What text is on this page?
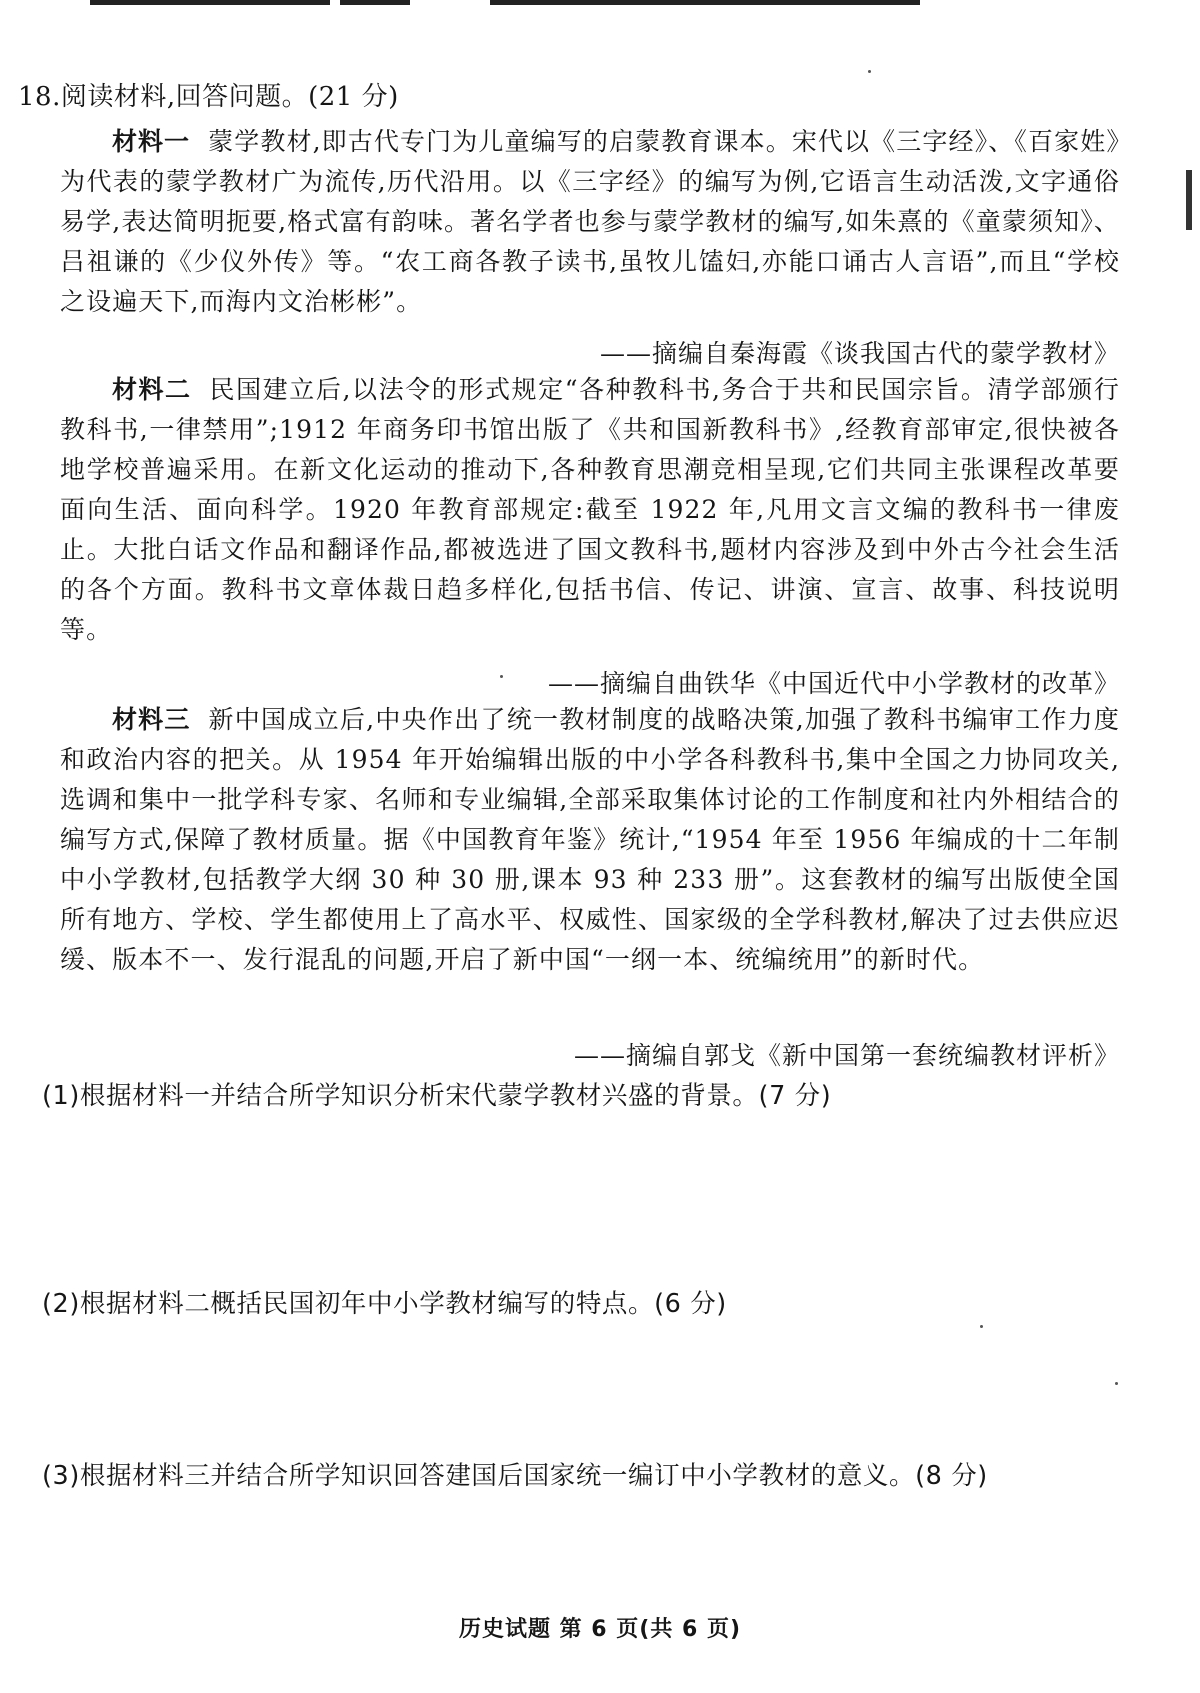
18.阅读材料,回答问题。(21 分)

材料一 蒙学教材,即古代专门为儿童编写的启蒙教育课本。宋代以《三字经》、《百家姓》为代表的蒙学教材广为流传,历代沿用。以《三字经》的编写为例,它语言生动活泼,文字通俗易学,表达简明扼要,格式富有韵味。著名学者也参与蒙学教材的编写,如朱熹的《童蒙须知》、吕祖谦的《少仪外传》等。“农工商各教子读书,虽牧儿馌妇,亦能口诵古人言语”,而且“学校之设遍天下,而海内文治彬彬”。

——摘编自秦海霞《谈我国古代的蒙学教材》

材料二 民国建立后,以法令的形式规定“各种教科书,务合于共和民国宗旨。清学部颁行教科书,一律禁用”;1912 年商务印书馆出版了《共和国新教科书》,经教育部审定,很快被各地学校普遍采用。在新文化运动的推动下,各种教育思潮竞相呈现,它们共同主张课程改革要面向生活、面向科学。1920 年教育部规定:截至 1922 年,凡用文言文编的教科书一律废止。大批白话文作品和翻译作品,都被选进了国文教科书,题材内容涉及到中外古今社会生活的各个方面。教科书文章体裁日趋多样化,包括书信、传记、讲演、宣言、故事、科技说明等。

——摘编自曲铁华《中国近代中小学教材的改革》

材料三 新中国成立后,中央作出了统一教材制度的战略决策,加强了教科书编审工作力度和政治内容的把关。从 1954 年开始编辑出版的中小学各科教科书,集中全国之力协同攻关,选调和集中一批学科专家、名师和专业编辑,全部采取集体讨论的工作制度和社内外相结合的编写方式,保障了教材质量。据《中国教育年鉴》统计,“1954 年至 1956 年编成的十二年制中小学教材,包括教学大纲 30 种 30 册,课本 93 种 233 册”。这套教材的编写出版使全国所有地方、学校、学生都使用上了高水平、权威性、国家级的全学科教材,解决了过去供应迟缓、版本不一、发行混乱的问题,开启了新中国“一纲一本、统编统用”的新时代。

——摘编自郭戈《新中国第一套统编教材评析》
(1)根据材料一并结合所学知识分析宋代蒙学教材兴盛的背景。(7 分)
(2)根据材料二概括民国初年中小学教材编写的特点。(6 分)
(3)根据材料三并结合所学知识回答建国后国家统一编订中小学教材的意义。(8 分)
历史试题 第 6 页(共 6 页)
